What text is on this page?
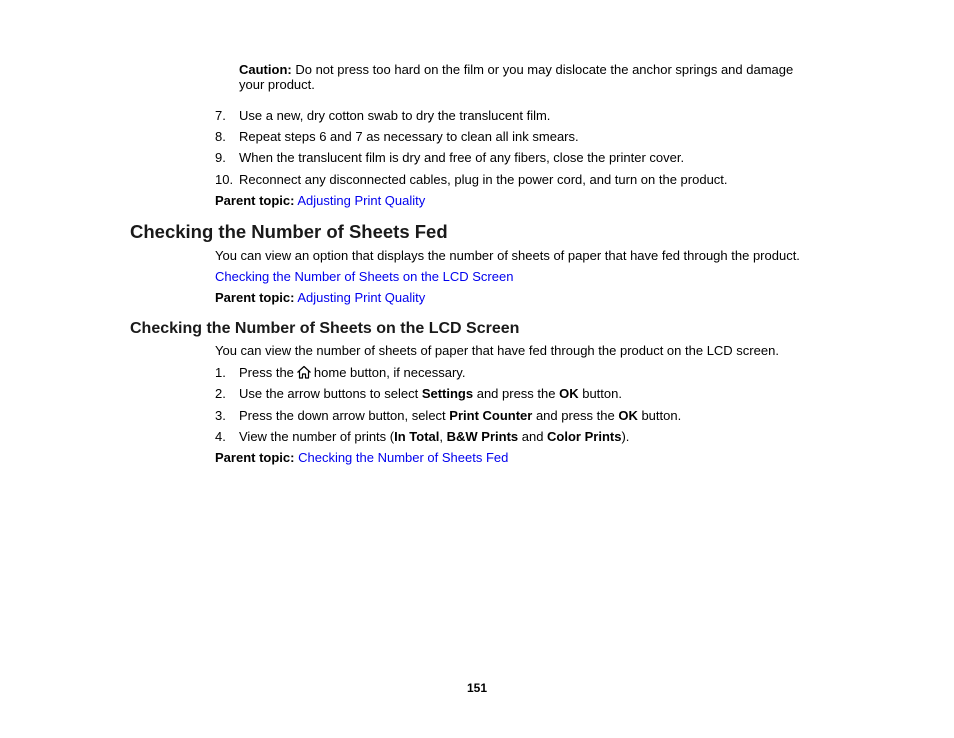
Caution: Do not press too hard on the film or you may dislocate the anchor springs and damage
your product.
7.	Use a new, dry cotton swab to dry the translucent film.
8.	Repeat steps 6 and 7 as necessary to clean all ink smears.
9.	When the translucent film is dry and free of any fibers, close the printer cover.
10. Reconnect any disconnected cables, plug in the power cord, and turn on the product.
Parent topic: Adjusting Print Quality
Checking the Number of Sheets Fed
You can view an option that displays the number of sheets of paper that have fed through the product.
Checking the Number of Sheets on the LCD Screen
Parent topic: Adjusting Print Quality
Checking the Number of Sheets on the LCD Screen
You can view the number of sheets of paper that have fed through the product on the LCD screen.
1.	Press the home button, if necessary.
2.	Use the arrow buttons to select Settings and press the OK button.
3.	Press the down arrow button, select Print Counter and press the OK button.
4.	View the number of prints (In Total, B&W Prints and Color Prints).
Parent topic: Checking the Number of Sheets Fed
151
